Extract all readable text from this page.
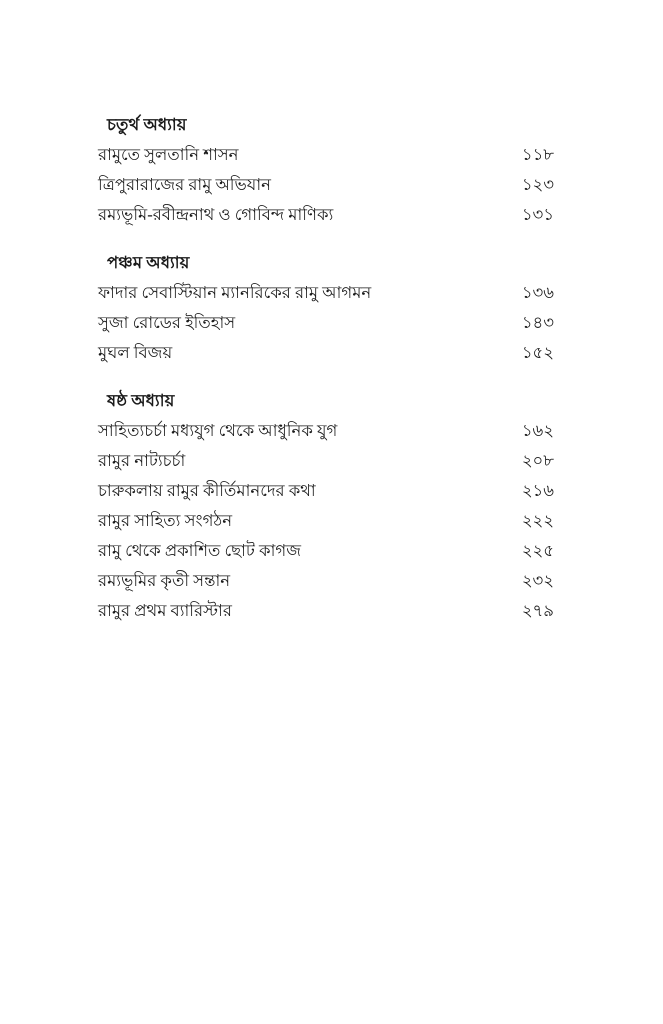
চতুর্থ অধ্যায়
রামুতে সুলতানি শাসন	১১৮
ত্রিপুরারাজের রামু অভিযান	১২৩
রম্যভূমি-রবীন্দ্রনাথ ও গোবিন্দ মাণিক্য	১৩১
পঞ্চম অধ্যায়
ফাদার সেবাস্টিয়ান ম্যানরিকের রামু আগমন	১৩৬
সুজা রোডের ইতিহাস	১৪৩
মুঘল বিজয়	১৫২
ষষ্ঠ অধ্যায়
সাহিত্যচর্চা মধ্যযুগ থেকে আধুনিক যুগ	১৬২
রামুর নাট্যচর্চা	২০৮
চারুকলায় রামুর কীর্তিমানদের কথা	২১৬
রামুর সাহিত্য সংগঠন	২২২
রামু থেকে প্রকাশিত ছোট কাগজ	২২৫
রম্যভূমির কৃতী সন্তান	২৩২
রামুর প্রথম ব্যারিস্টার	২৭৯
